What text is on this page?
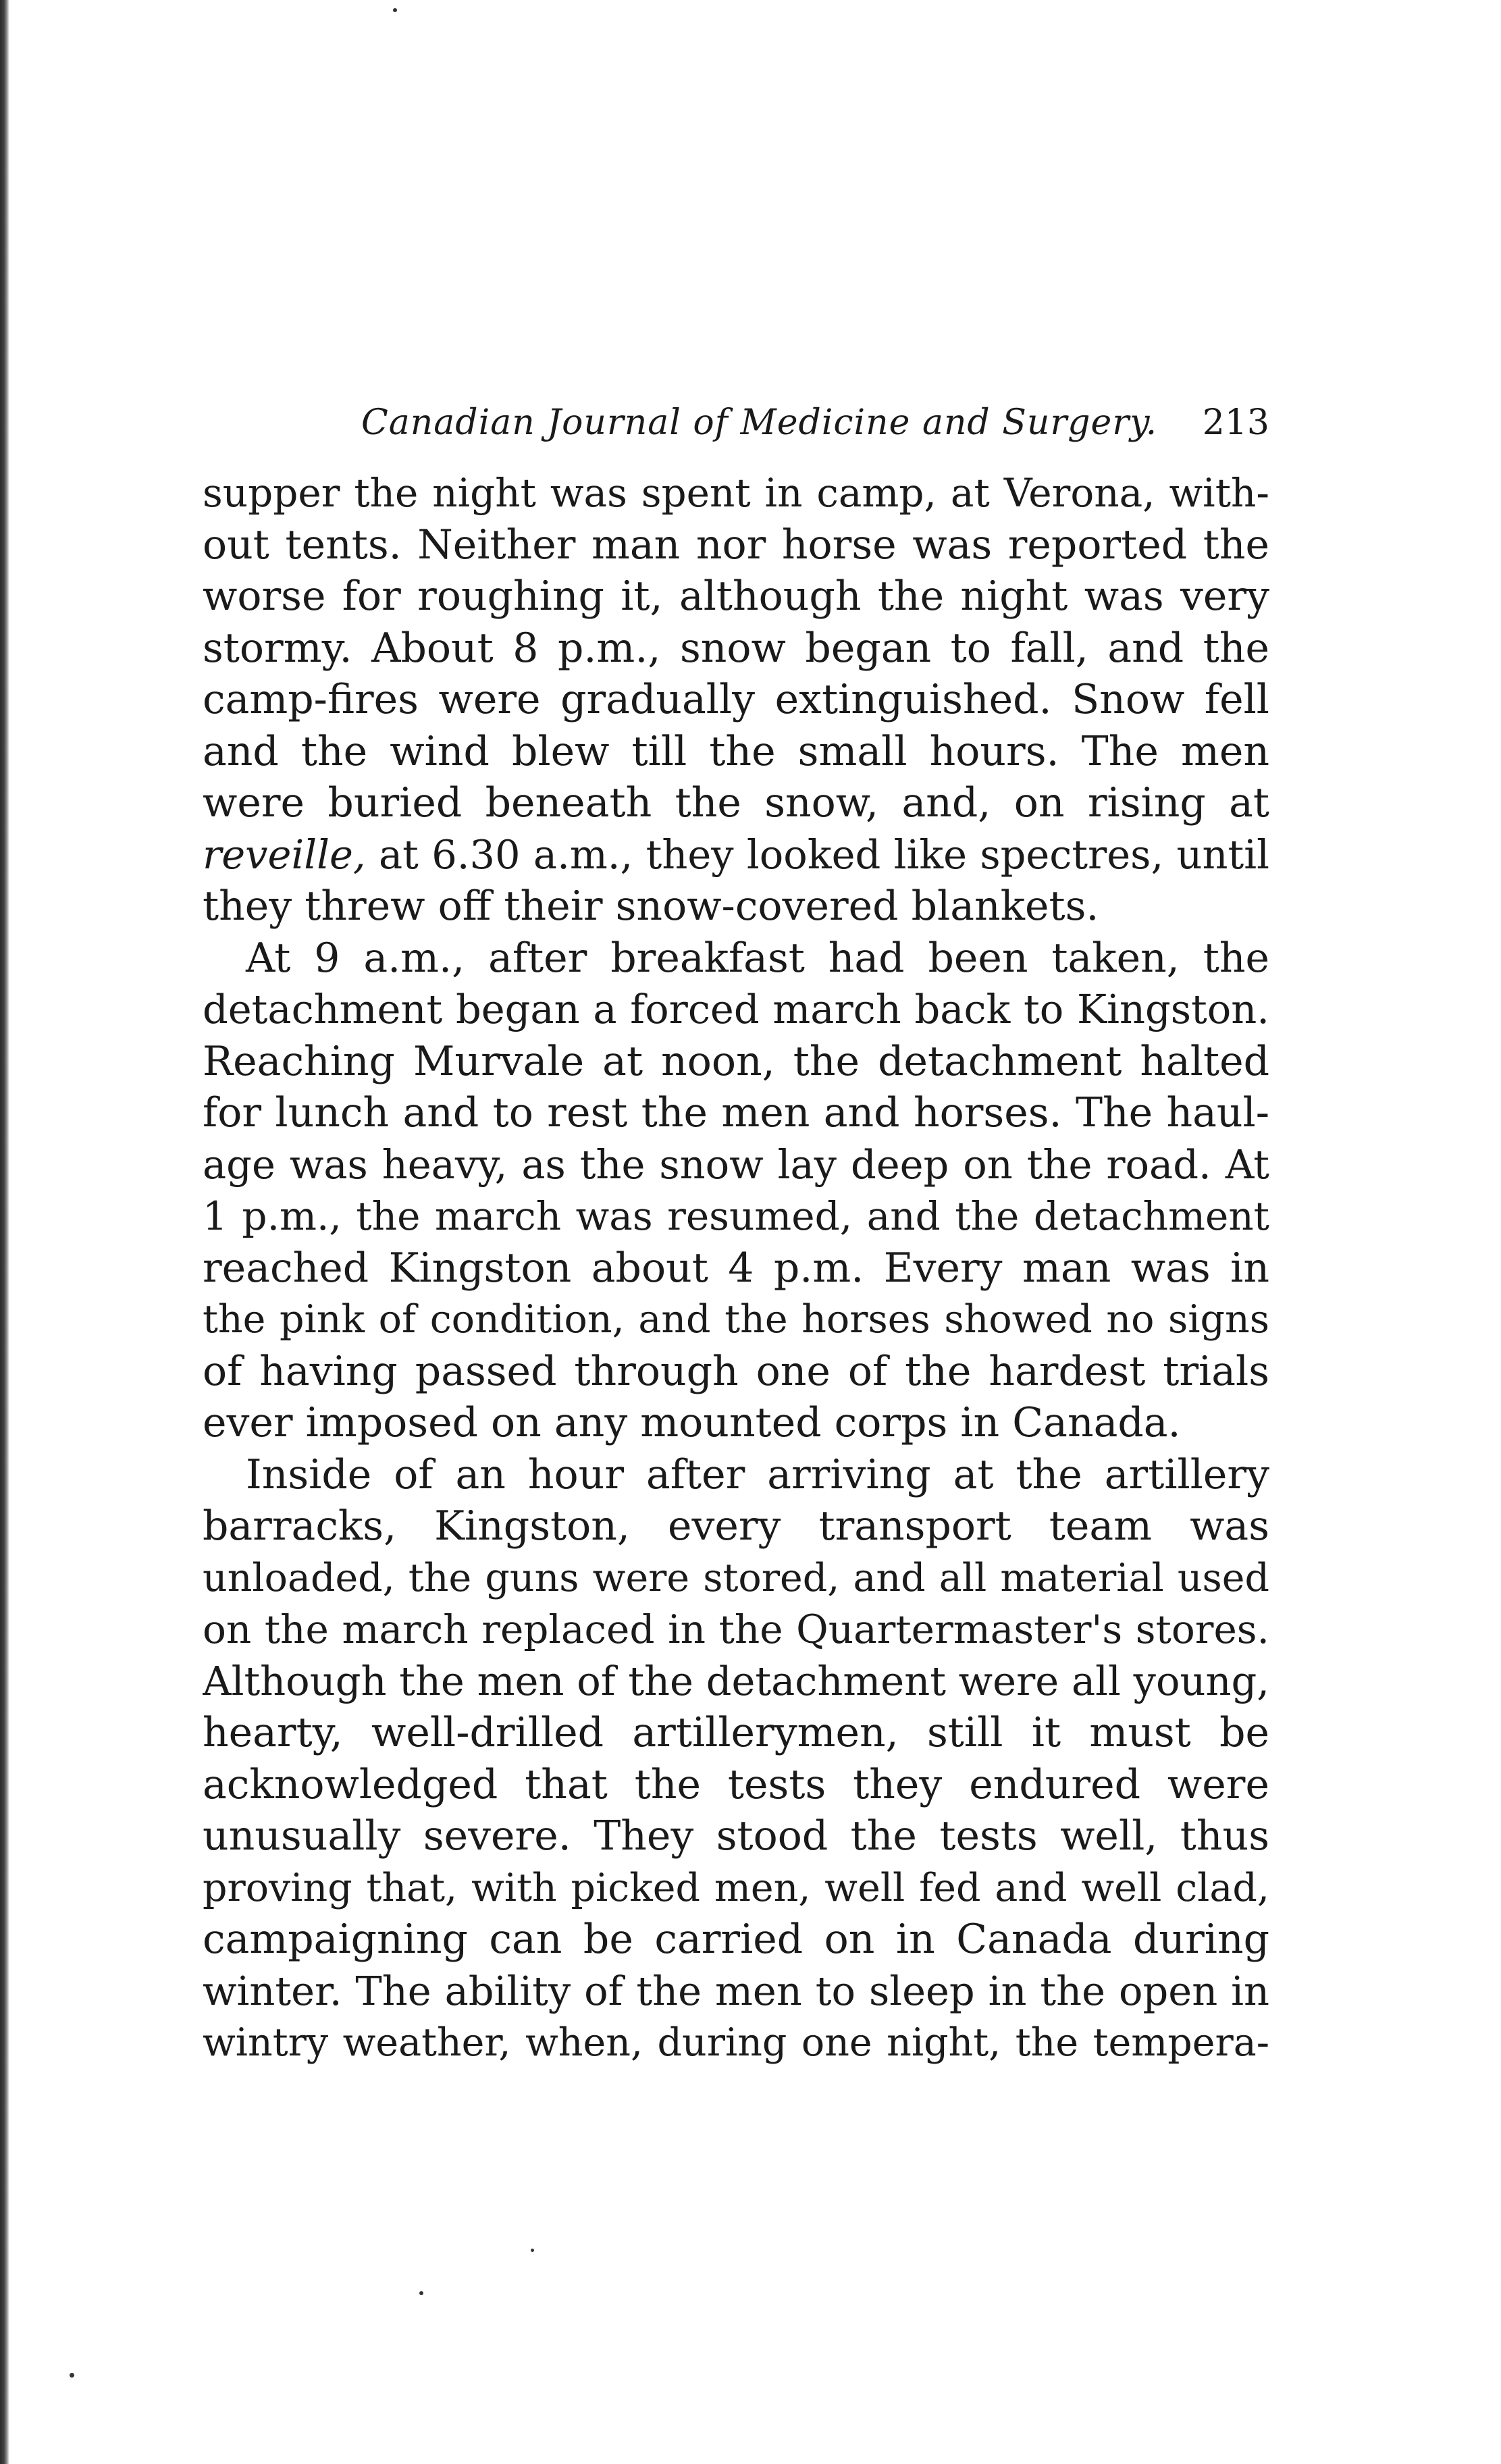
Canadian Journal of Medicine and Surgery. 213
supper the night was spent in camp, at Verona, with-
out tents. Neither man nor horse was reported the
worse for roughing it, although the night was very
stormy. About 8 p.m., snow began to fall, and the
camp-fires were gradually extinguished. Snow fell
and the wind blew till the small hours. The men
were buried beneath the snow, and, on rising at
reveille, at 6.30 a.m., they looked like spectres, until
they threw off their snow-covered blankets.
At 9 a.m., after breakfast had been taken, the
detachment began a forced march back to Kingston.
Reaching Murvale at noon, the detachment halted
for lunch and to rest the men and horses. The haul-
age was heavy, as the snow lay deep on the road. At
1 p.m., the march was resumed, and the detachment
reached Kingston about 4 p.m. Every man was in
the pink of condition, and the horses showed no signs
of having passed through one of the hardest trials
ever imposed on any mounted corps in Canada.
Inside of an hour after arriving at the artillery
barracks, Kingston, every transport team was
unloaded, the guns were stored, and all material used
on the march replaced in the Quartermaster's stores.
Although the men of the detachment were all young,
hearty, well-drilled artillerymen, still it must be
acknowledged that the tests they endured were
unusually severe. They stood the tests well, thus
proving that, with picked men, well fed and well clad,
campaigning can be carried on in Canada during
winter. The ability of the men to sleep in the open in
wintry weather, when, during one night, the tempera-
